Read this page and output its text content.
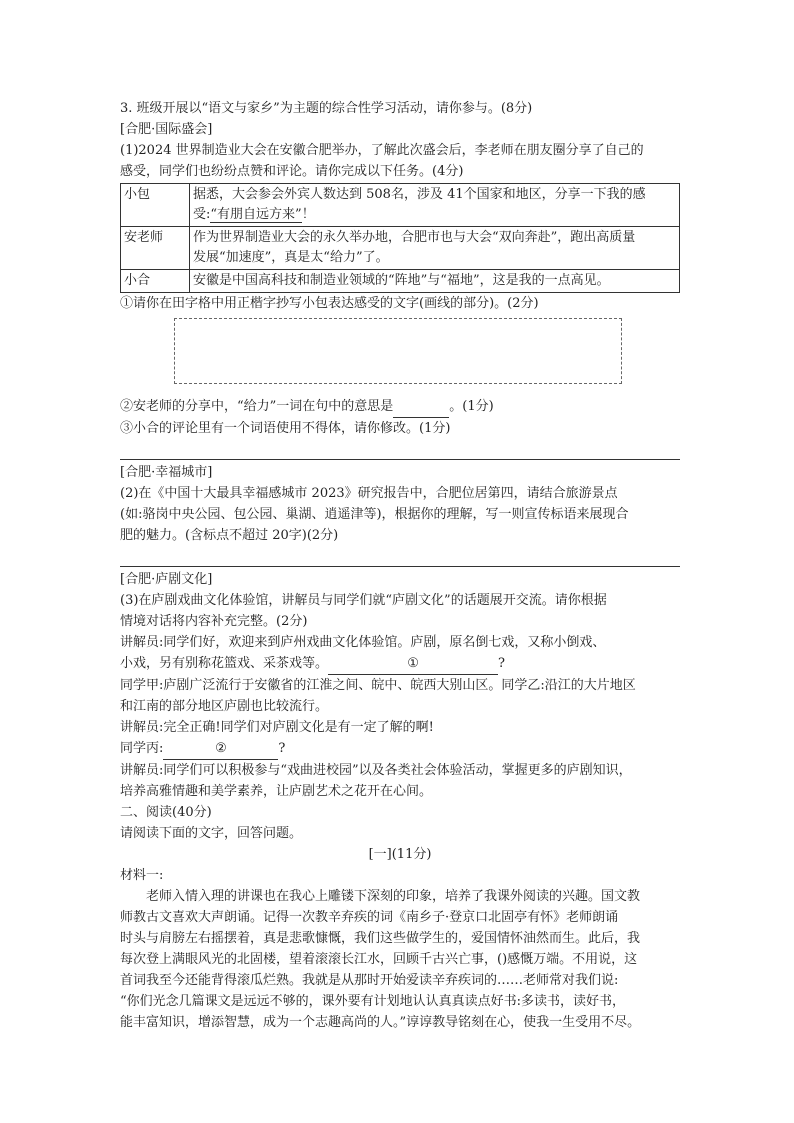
3. 班级开展以“语文与家乡”为主题的综合性学习活动，请你参与。(8分)
[合肥·国际盛会]
(1)2024 世界制造业大会在安徽合肥举办，了解此次盛会后，李老师在朋友圈分享了自己的
感受，同学们也纷纷点赞和评论。请你完成以下任务。(4分)
小包	据悉，大会参会外宾人数达到 508名，涉及 41个国家和地区，分享一下我的感
受:“有朋自远方来”！

安老师	作为世界制造业大会的永久举办地，合肥市也与大会“双向奔赴”，跑出高质量
发展“加速度”，真是太“给力”了。

小合	安徽是中国高科技和制造业领域的“阵地”与“福地”，这是我的一点高见。
①请你在田字格中用正楷字抄写小包表达感受的文字(画线的部分)。(2分)
②安老师的分享中，“给力”一词在句中的意思是	。(1分)
③小合的评论里有一个词语使用不得体，请你修改。(1分)
[合肥·幸福城市]
(2)在《中国十大最具幸福感城市 2023》研究报告中，合肥位居第四，请结合旅游景点
(如:骆岗中央公园、包公园、巢湖、逍遥津等)，根据你的理解，写一则宣传标语来展现合
肥的魅力。(含标点不超过 20字)(2分)
[合肥·庐剧文化]
(3)在庐剧戏曲文化体验馆，讲解员与同学们就“庐剧文化”的话题展开交流。请你根据
情境对话将内容补充完整。(2分)
讲解员:同学们好，欢迎来到庐州戏曲文化体验馆。庐剧，原名倒七戏，又称小倒戏、
小戏，另有别称花篮戏、采茶戏等。	①	?
同学甲:庐剧广泛流行于安徽省的江淮之间、皖中、皖西大别山区。同学乙:沿江的大片地区
和江南的部分地区庐剧也比较流行。
讲解员:完全正确!同学们对庐剧文化是有一定了解的啊!
同学丙:	②	?
讲解员:同学们可以积极参与“戏曲进校园”以及各类社会体验活动，掌握更多的庐剧知识，
培养高雅情趣和美学素养，让庐剧艺术之花开在心间。
二、阅读(40分)
请阅读下面的文字，回答问题。
[一](11分)
材料一:
老师入情入理的讲课也在我心上雕镂下深刻的印象，培养了我课外阅读的兴趣。国文教
师教古文喜欢大声朗诵。记得一次教辛弃疾的词《南乡子·登京口北固亭有怀》老师朗诵
时头与肩膀左右摇摆着，真是悲歌慷慨，我们这些做学生的，爱国情怀油然而生。此后，我
每次登上满眼风光的北固楼，望着滚滚长江水，回顾千古兴亡事，()感慨万端。不用说，这
首词我至今还能背得滚瓜烂熟。我就是从那时开始爱读辛弃疾词的……老师常对我们说:
“你们光念几篇课文是远远不够的，课外要有计划地认认真真读点好书:多读书，读好书，
能丰富知识，增添智慧，成为一个志趣高尚的人。”谆谆教导铭刻在心，使我一生受用不尽。
